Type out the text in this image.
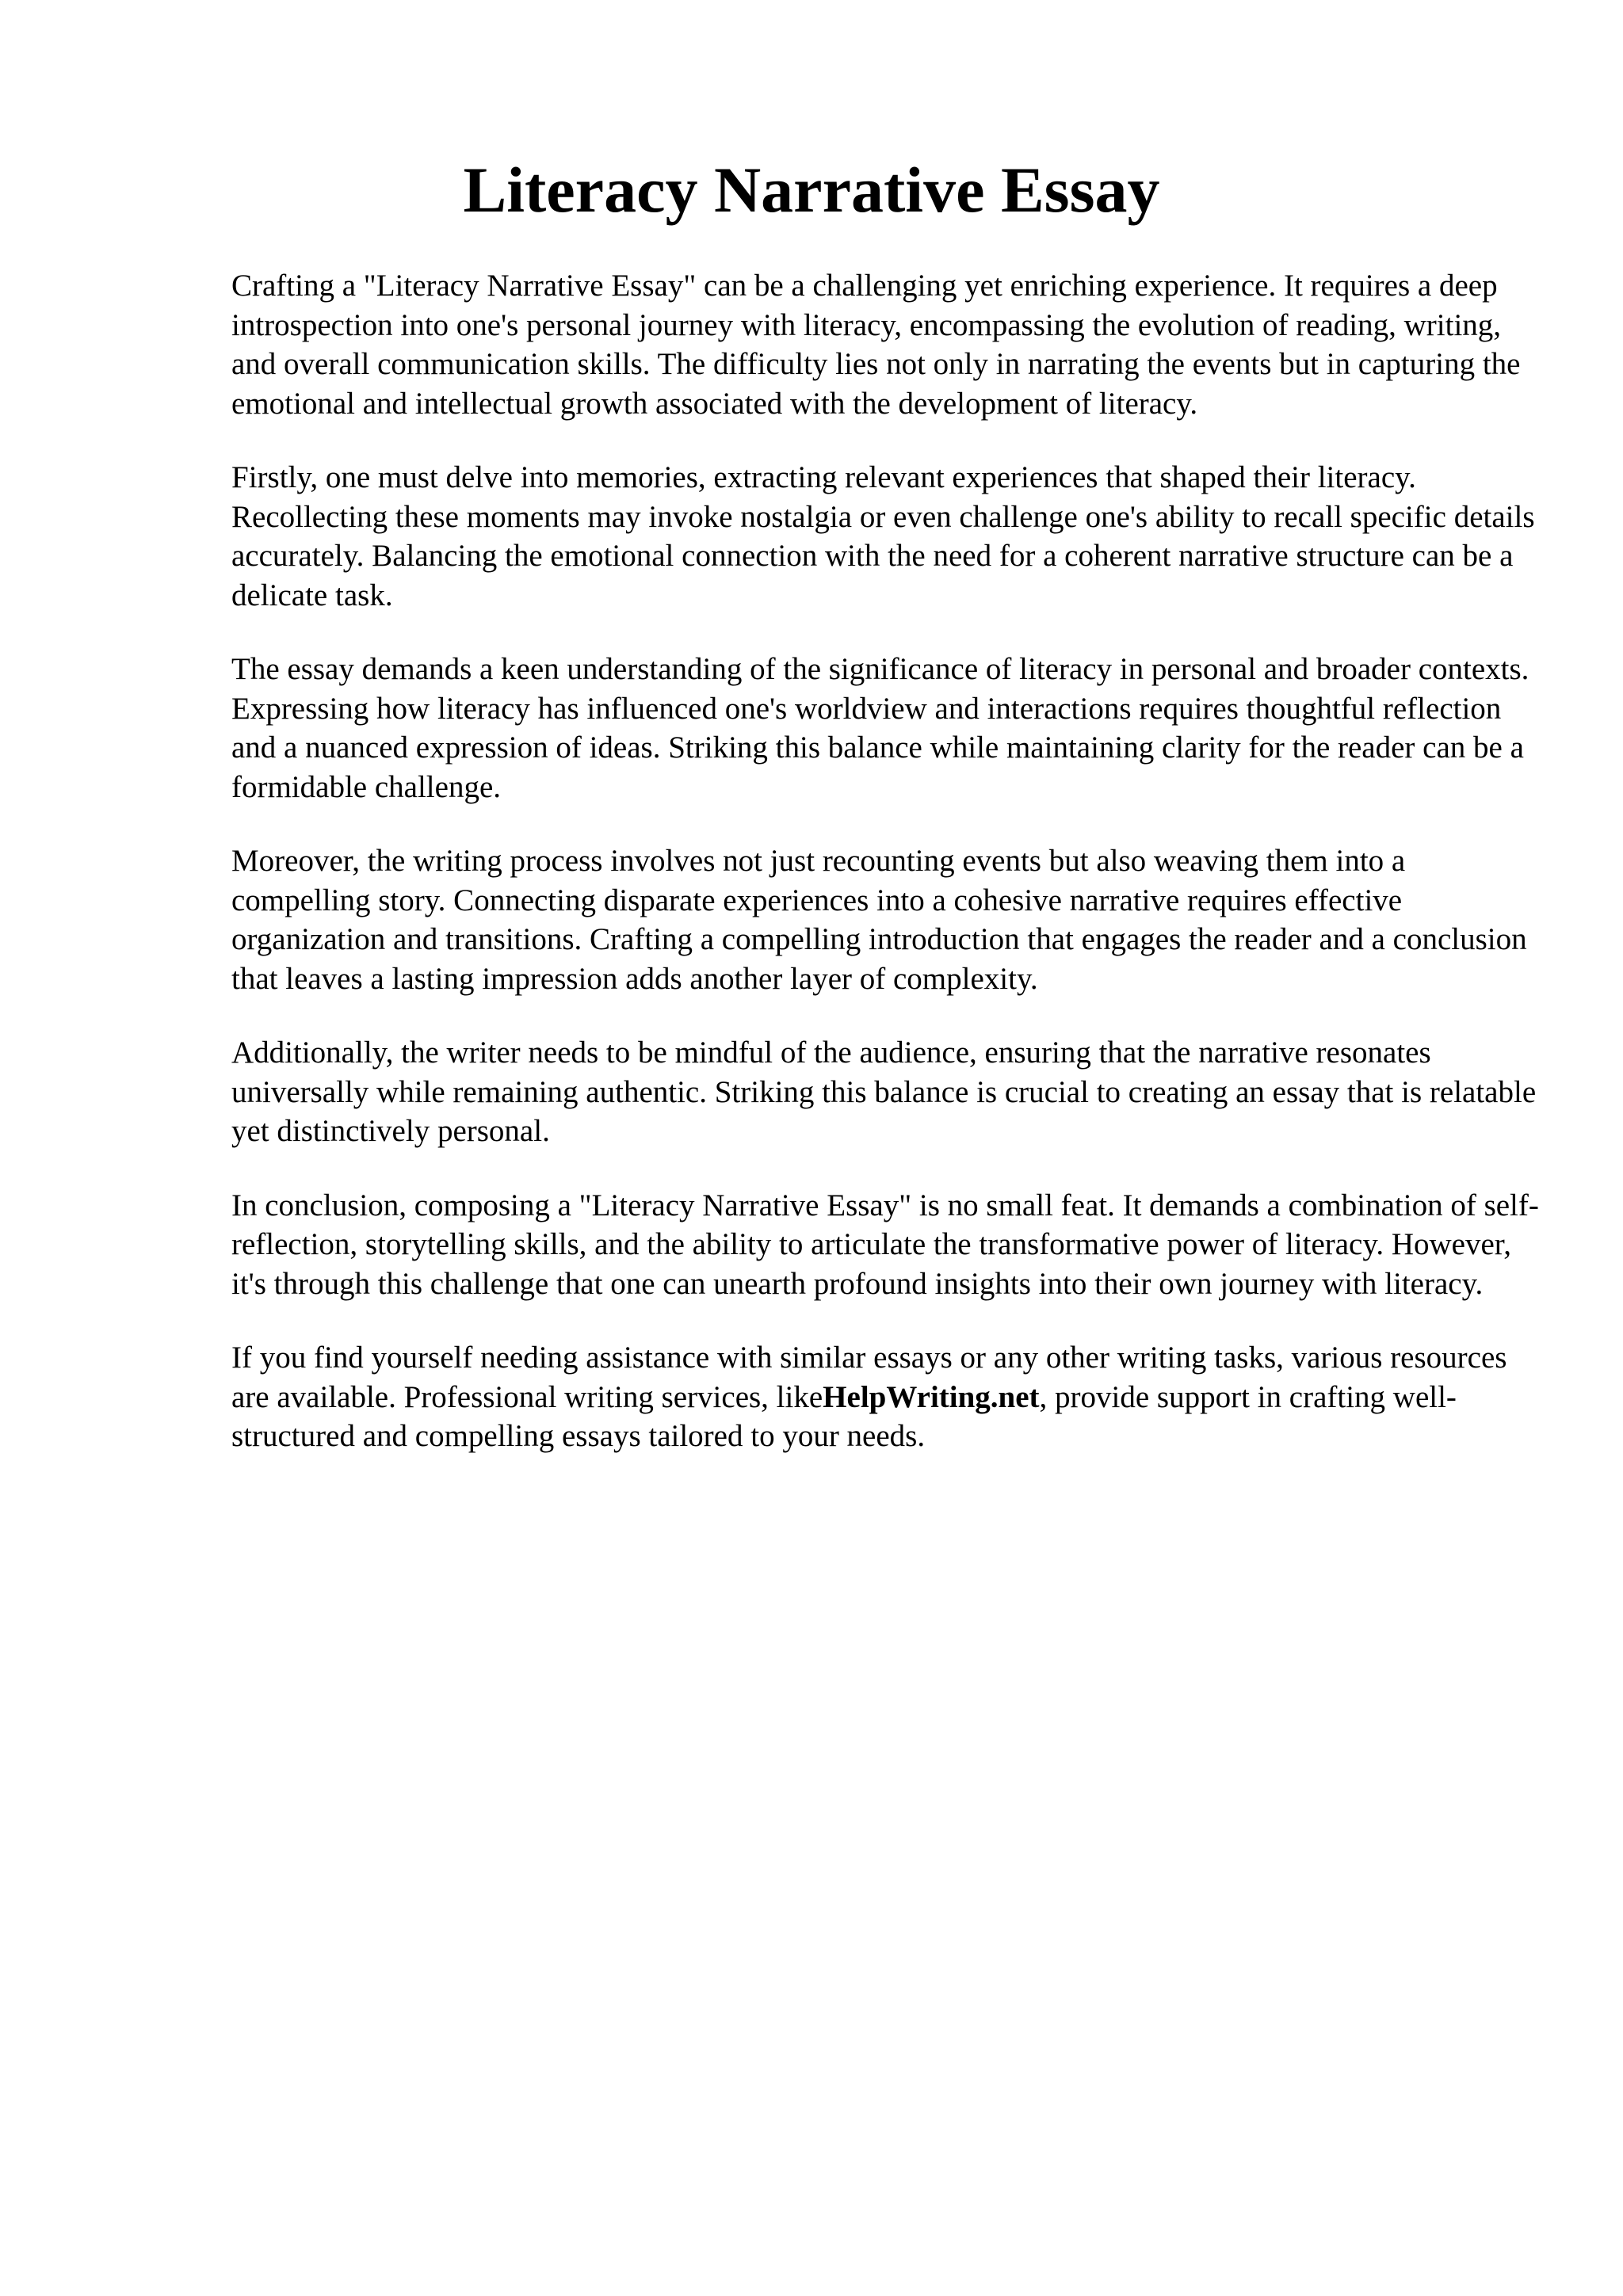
Literacy Narrative Essay

Crafting a "Literacy Narrative Essay" can be a challenging yet enriching experience. It requires a deep introspection into one's personal journey with literacy, encompassing the evolution of reading, writing, and overall communication skills. The difficulty lies not only in narrating the events but in capturing the emotional and intellectual growth associated with the development of literacy.

Firstly, one must delve into memories, extracting relevant experiences that shaped their literacy. Recollecting these moments may invoke nostalgia or even challenge one's ability to recall specific details accurately. Balancing the emotional connection with the need for a coherent narrative structure can be a delicate task.

The essay demands a keen understanding of the significance of literacy in personal and broader contexts. Expressing how literacy has influenced one's worldview and interactions requires thoughtful reflection and a nuanced expression of ideas. Striking this balance while maintaining clarity for the reader can be a formidable challenge.

Moreover, the writing process involves not just recounting events but also weaving them into a compelling story. Connecting disparate experiences into a cohesive narrative requires effective organization and transitions. Crafting a compelling introduction that engages the reader and a conclusion that leaves a lasting impression adds another layer of complexity.

Additionally, the writer needs to be mindful of the audience, ensuring that the narrative resonates universally while remaining authentic. Striking this balance is crucial to creating an essay that is relatable yet distinctively personal.

In conclusion, composing a "Literacy Narrative Essay" is no small feat. It demands a combination of self-reflection, storytelling skills, and the ability to articulate the transformative power of literacy. However, it's through this challenge that one can unearth profound insights into their own journey with literacy.

If you find yourself needing assistance with similar essays or any other writing tasks, various resources are available. Professional writing services, likeHelpWriting.net, provide support in crafting well-structured and compelling essays tailored to your needs.
